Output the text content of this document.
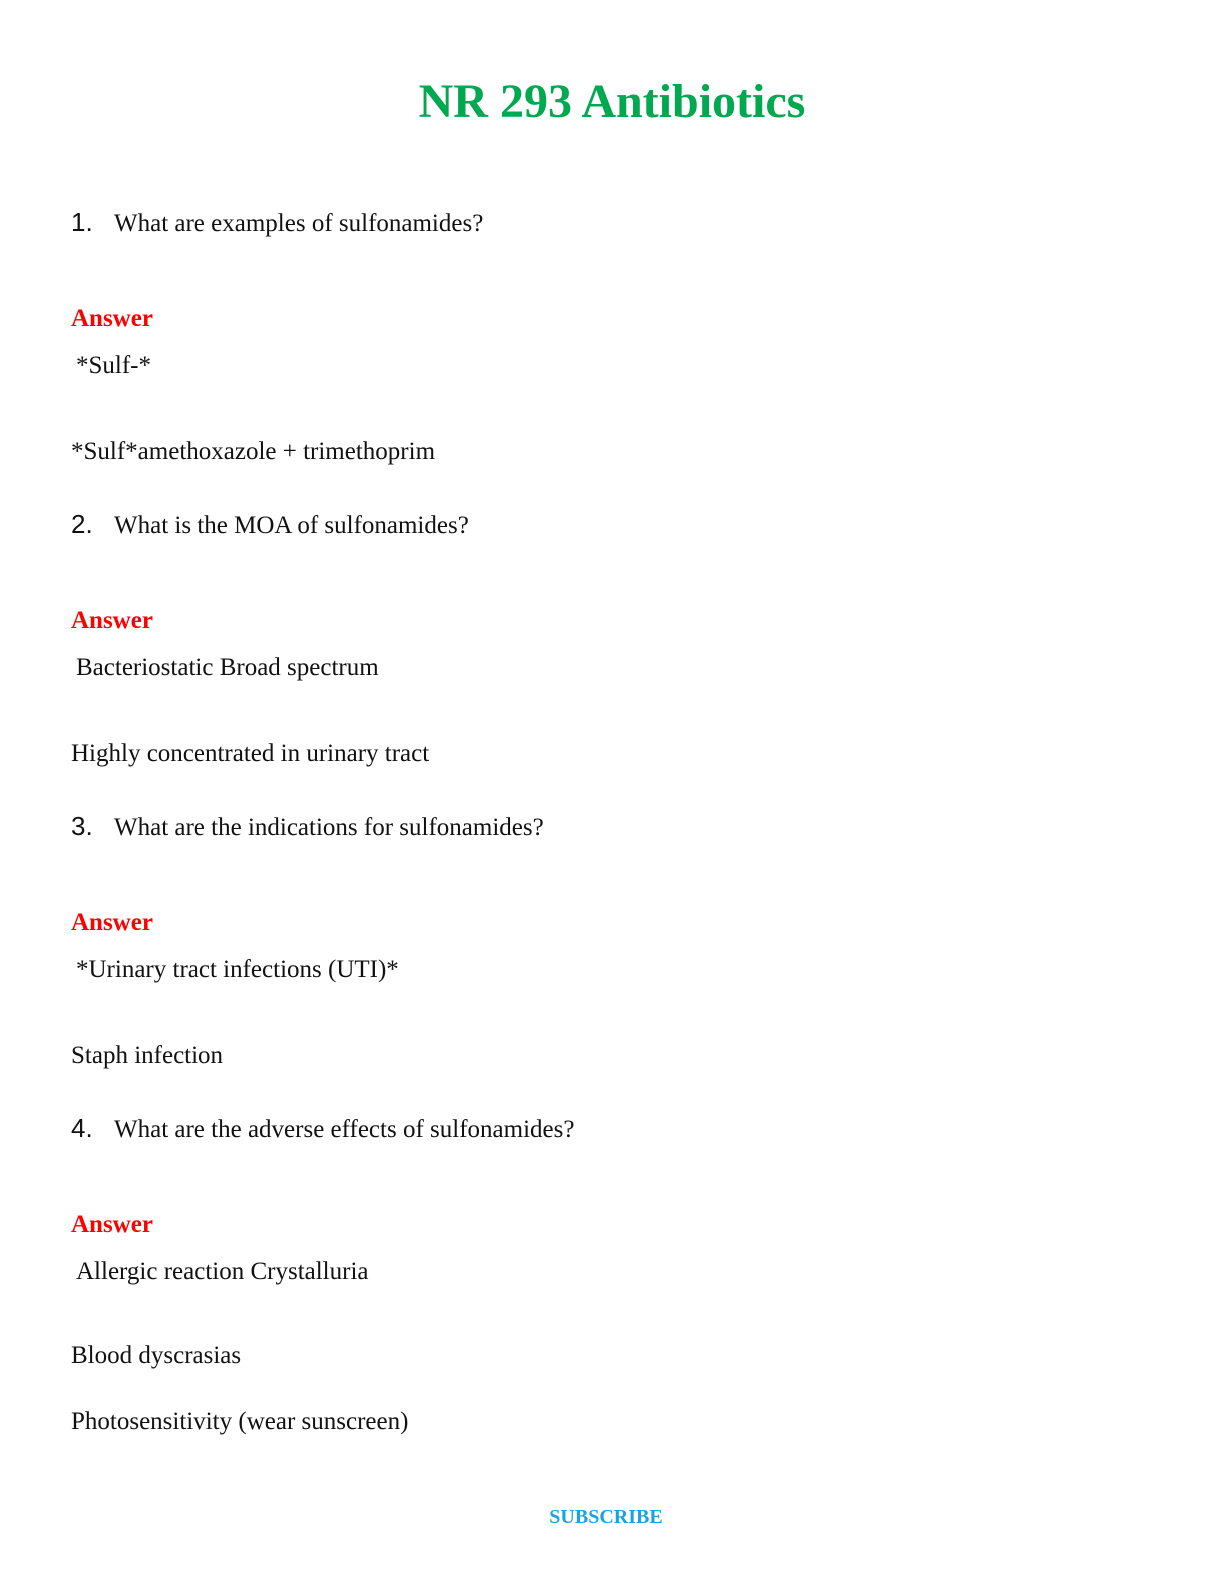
NR 293 Antibiotics
1. What are examples of sulfonamides?
Answer
*Sulf-*
*Sulf*amethoxazole + trimethoprim
2. What is the MOA of sulfonamides?
Answer
Bacteriostatic Broad spectrum
Highly concentrated in urinary tract
3. What are the indications for sulfonamides?
Answer
*Urinary tract infections (UTI)*
Staph infection
4. What are the adverse effects of sulfonamides?
Answer
Allergic reaction Crystalluria
Blood dyscrasias
Photosensitivity (wear sunscreen)
SUBSCRIBE
